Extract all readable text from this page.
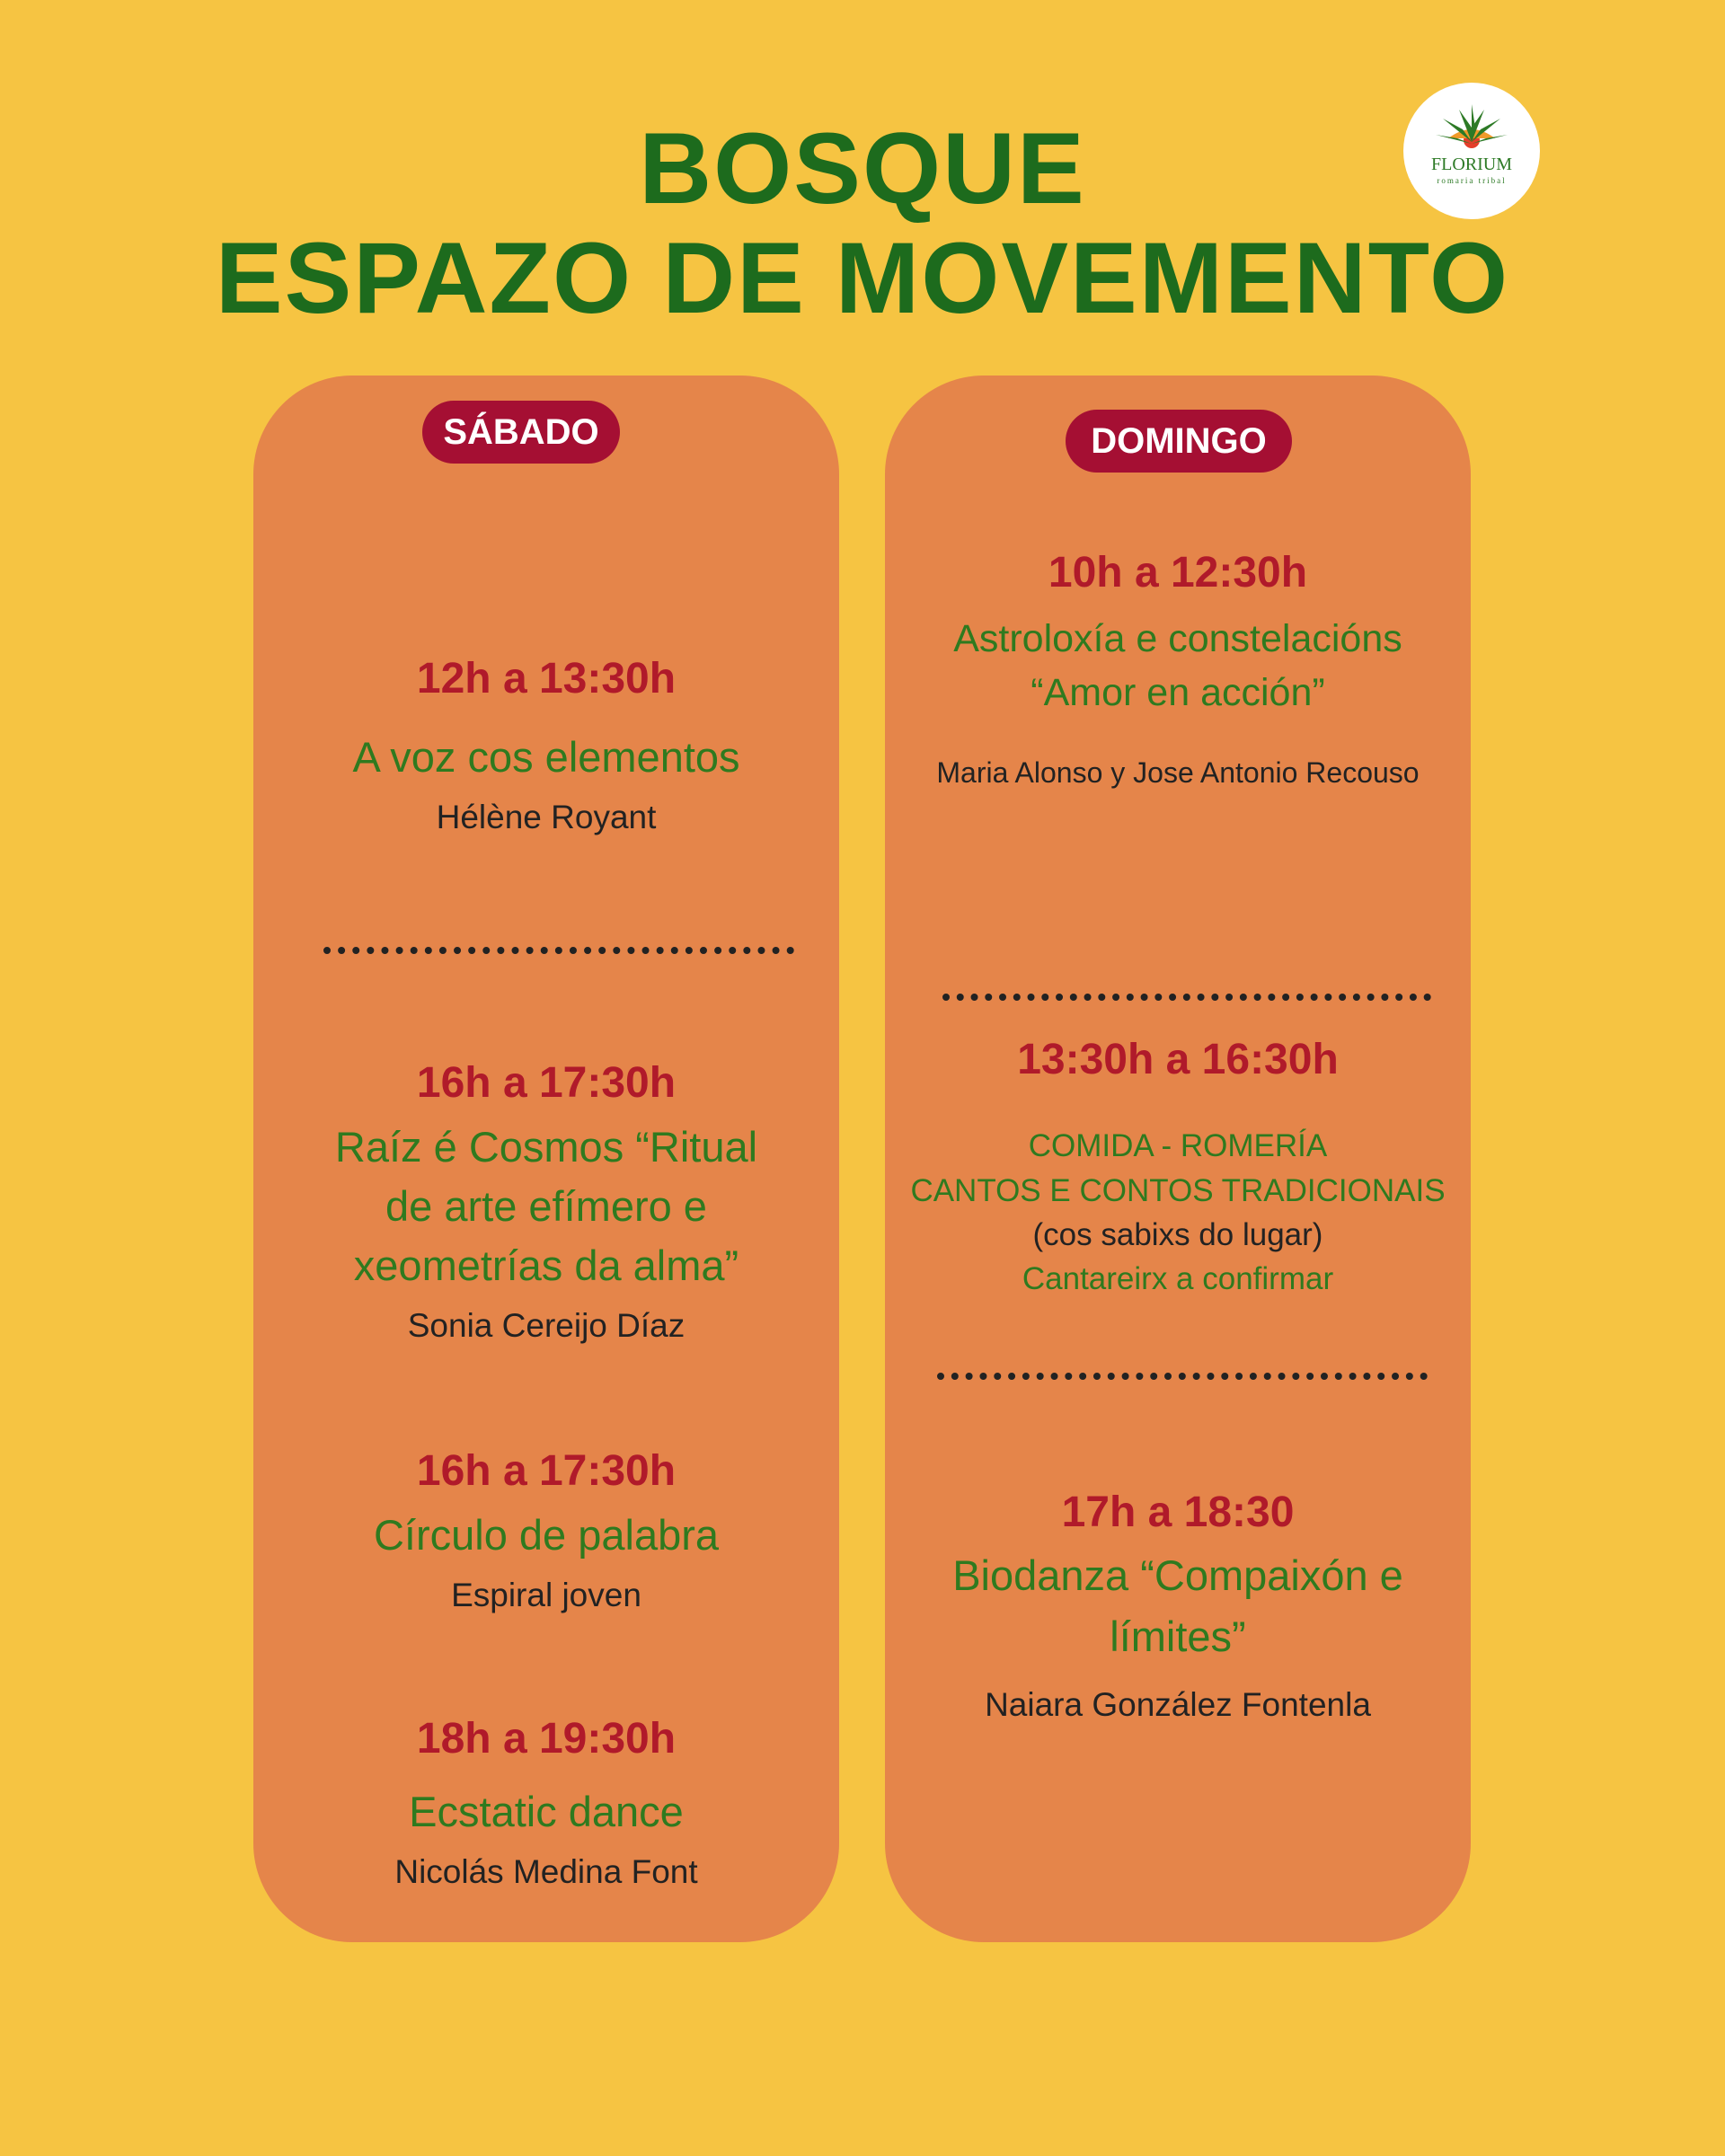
BOSQUE
ESPAZO DE MOVEMENTO
FLORIUM
romaria tribal
SÁBADO

12h a 13:30h

A voz cos elementos

Hélène Royant

16h a 17:30h

Raíz é Cosmos “Ritual

de arte efímero e

xeometrías da alma”

Sonia Cereijo Díaz

16h a 17:30h

Círculo de palabra

Espiral joven

18h a 19:30h

Ecstatic dance

Nicolás Medina Font

DOMINGO

10h a 12:30h

Astroloxía e constelacións

“Amor en acción”

Maria Alonso y Jose Antonio Recouso

13:30h a 16:30h

COMIDA - ROMERÍA

CANTOS E CONTOS TRADICIONAIS

(cos sabixs do lugar)

Cantareirx a confirmar

17h a 18:30

Biodanza “Compaixón e

límites”

Naiara González Fontenla
